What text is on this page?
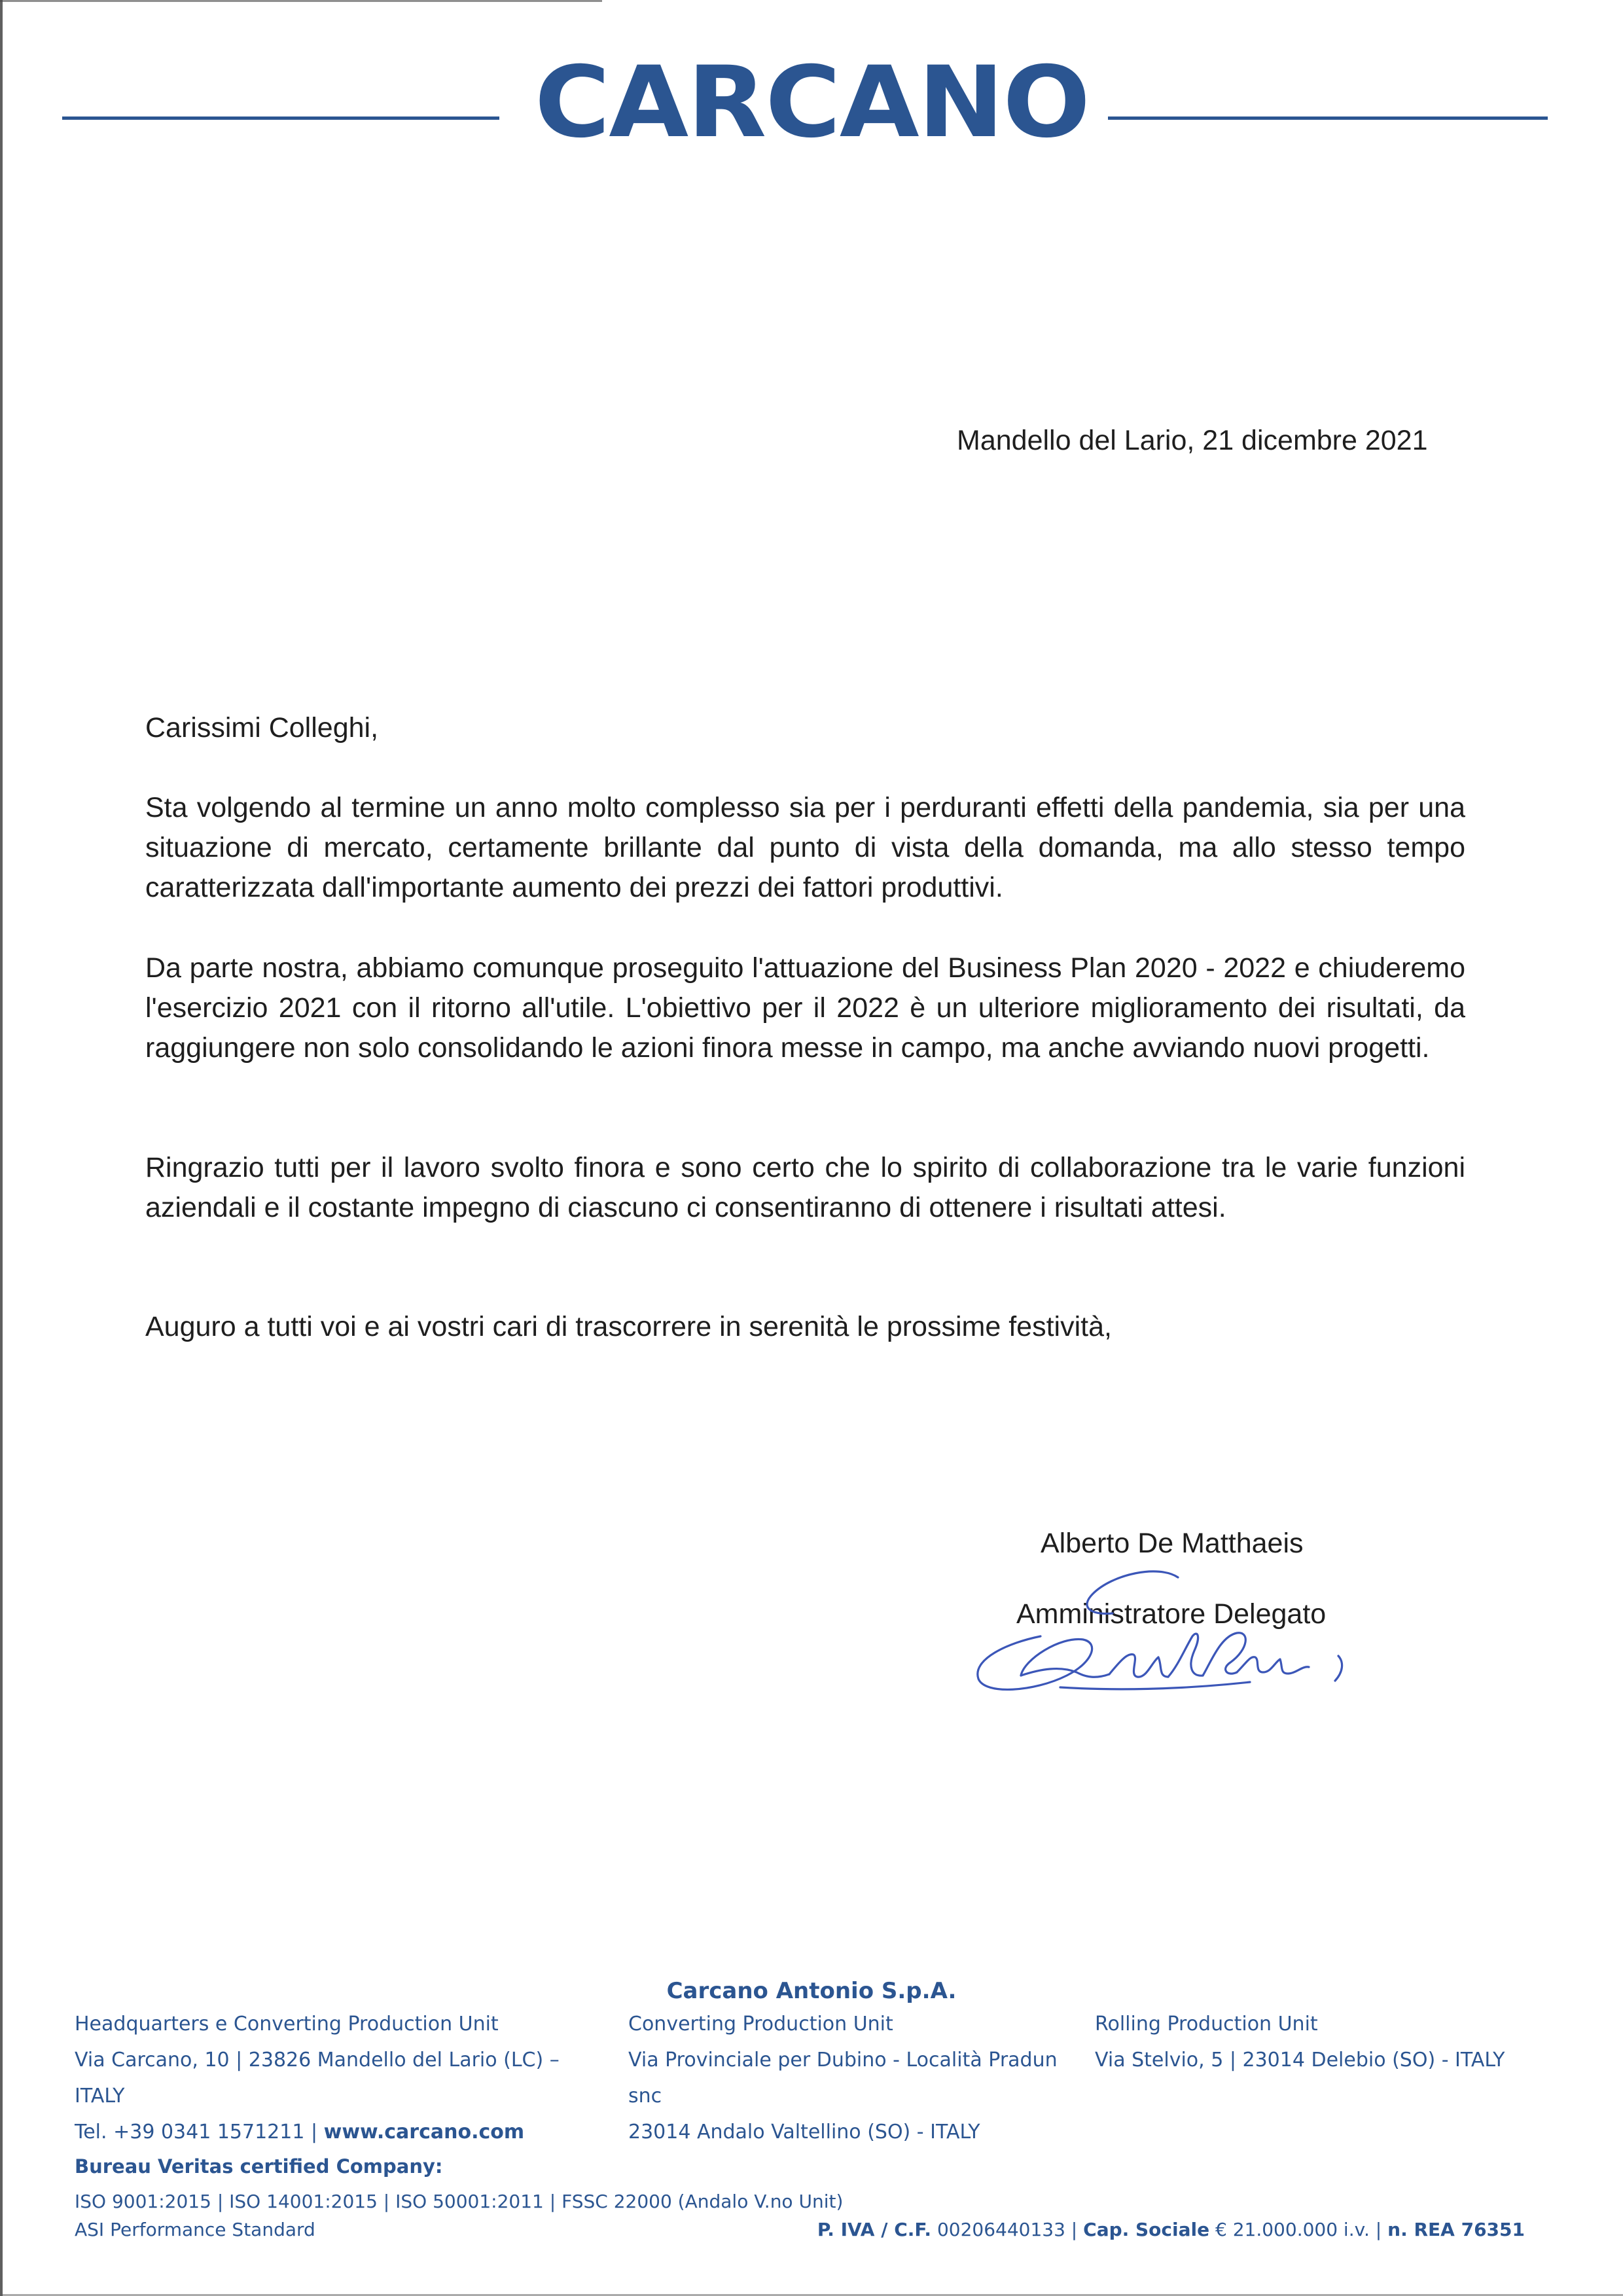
CARCANO
Mandello del Lario, 21 dicembre 2021
Carissimi Colleghi,
Sta volgendo al termine un anno molto complesso sia per i perduranti effetti della pandemia, sia per una situazione di mercato, certamente brillante dal punto di vista della domanda, ma allo stesso tempo caratterizzata dall'importante aumento dei prezzi dei fattori produttivi.
Da parte nostra, abbiamo comunque proseguito l'attuazione del Business Plan 2020 - 2022 e chiuderemo l'esercizio 2021 con il ritorno all'utile. L'obiettivo per il 2022 è un ulteriore miglioramento dei risultati, da raggiungere non solo consolidando le azioni finora messe in campo, ma anche avviando nuovi progetti.
Ringrazio tutti per il lavoro svolto finora e sono certo che lo spirito di collaborazione tra le varie funzioni aziendali e il costante impegno di ciascuno ci consentiranno di ottenere i risultati attesi.
Auguro a tutti voi e ai vostri cari di trascorrere in serenità le prossime festività,
Alberto De Matthaeis
Amministratore Delegato
Carcano Antonio S.p.A.
Headquarters e Converting Production Unit
Via Carcano, 10 | 23826 Mandello del Lario (LC) –
ITALY
Tel. +39 0341 1571211 | www.carcano.com
Converting Production Unit
Via Provinciale per Dubino - Località Pradun
snc
23014 Andalo Valtellino (SO) - ITALY
Rolling Production Unit
Via Stelvio, 5 | 23014 Delebio (SO) - ITALY
Bureau Veritas certified Company:
ISO 9001:2015 | ISO 14001:2015 | ISO 50001:2011 | FSSC 22000 (Andalo V.no Unit)
ASI Performance Standard	P. IVA / C.F. 00206440133 | Cap. Sociale € 21.000.000 i.v. | n. REA 76351
